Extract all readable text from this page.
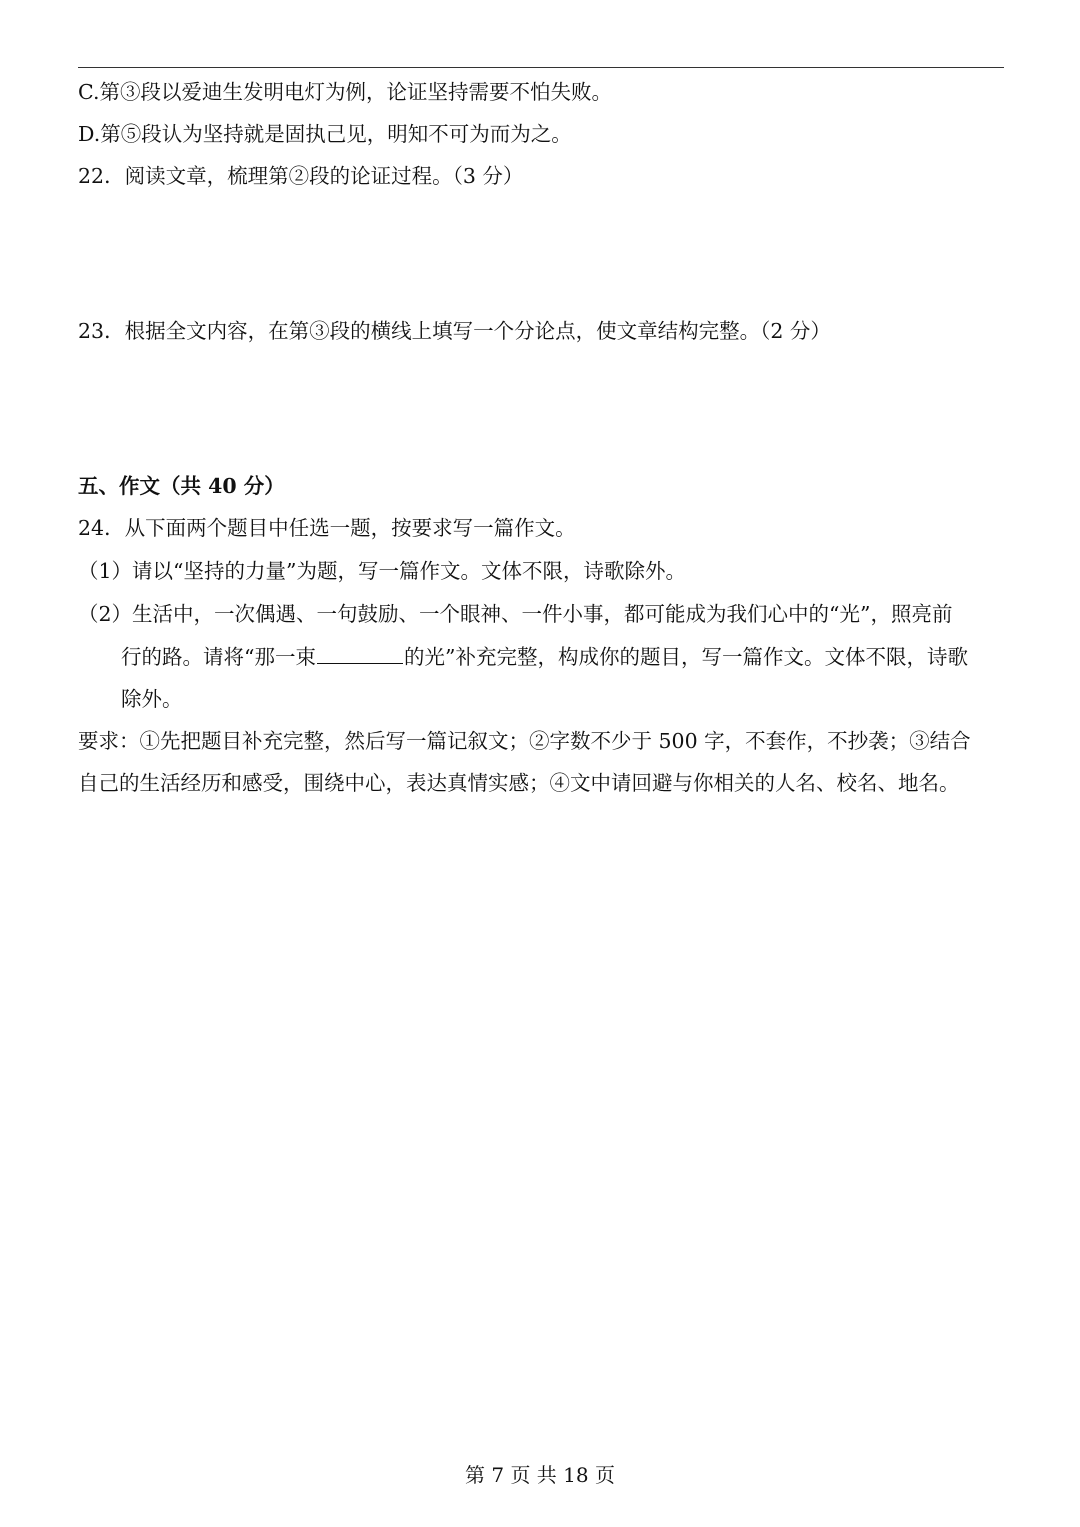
C.第③段以爱迪生发明电灯为例，论证坚持需要不怕失败。
D.第⑤段认为坚持就是固执己见，明知不可为而为之。
22．阅读文章，梳理第②段的论证过程。（3 分）
23．根据全文内容，在第③段的横线上填写一个分论点，使文章结构完整。（2 分）
五、作文（共 40 分）
24．从下面两个题目中任选一题，按要求写一篇作文。
（1）请以“坚持的力量”为题，写一篇作文。文体不限，诗歌除外。
（2）生活中，一次偶遇、一句鼓励、一个眼神、一件小事，都可能成为我们心中的“光”，照亮前
行的路。请将“那一束	的光”补充完整，构成你的题目，写一篇作文。文体不限，诗歌
除外。
要求：①先把题目补充完整，然后写一篇记叙文；②字数不少于 500 字，不套作，不抄袭；③结合
自己的生活经历和感受，围绕中心，表达真情实感；④文中请回避与你相关的人名、校名、地名。
第 7 页 共 18 页
